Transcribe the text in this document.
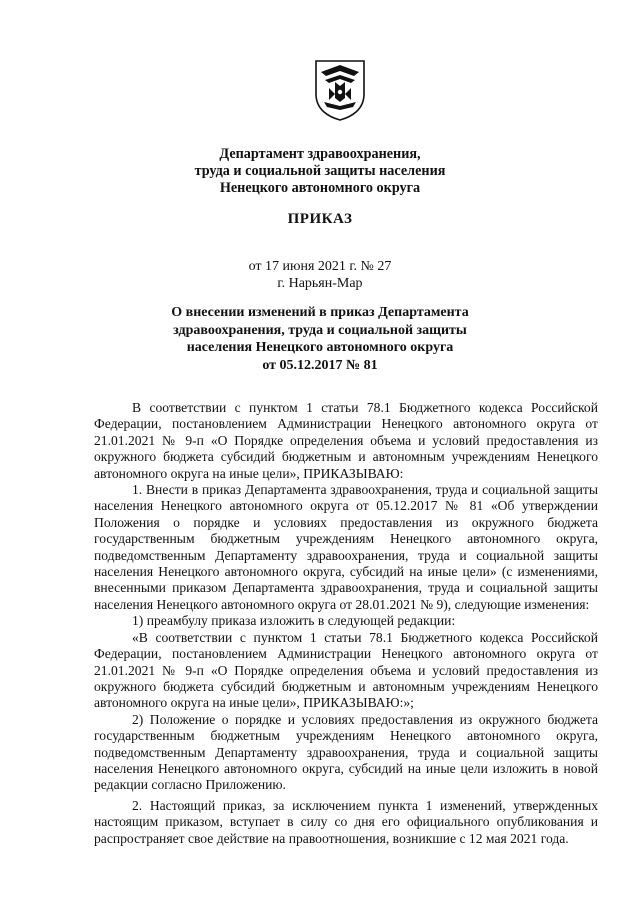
Департамент здравоохранения,
труда и социальной защиты населения
Ненецкого автономного округа
ПРИКАЗ
от 17 июня 2021 г. № 27
г. Нарьян-Мар
О внесении изменений в приказ Департамента
здравоохранения, труда и социальной защиты
населения Ненецкого автономного округа
от 05.12.2017 № 81

В соответствии с пунктом 1 статьи 78.1 Бюджетного кодекса Российской Федерации, постановлением Администрации Ненецкого автономного округа от 21.01.2021 № 9-п «О Порядке определения объема и условий предоставления из окружного бюджета субсидий бюджетным и автономным учреждениям Ненецкого автономного округа на иные цели», ПРИКАЗЫВАЮ:

1. Внести в приказ Департамента здравоохранения, труда и социальной защиты населения Ненецкого автономного округа от 05.12.2017 № 81 «Об утверждении Положения о порядке и условиях предоставления из окружного бюджета государственным бюджетным учреждениям Ненецкого автономного округа, подведомственным Департаменту здравоохранения, труда и социальной защиты населения Ненецкого автономного округа, субсидий на иные цели» (с изменениями, внесенными приказом Департамента здравоохранения, труда и социальной защиты населения Ненецкого автономного округа от 28.01.2021 № 9), следующие изменения:

1) преамбулу приказа изложить в следующей редакции:

«В соответствии с пунктом 1 статьи 78.1 Бюджетного кодекса Российской Федерации, постановлением Администрации Ненецкого автономного округа от 21.01.2021 № 9-п «О Порядке определения объема и условий предоставления из окружного бюджета субсидий бюджетным и автономным учреждениям Ненецкого автономного округа на иные цели», ПРИКАЗЫВАЮ:»;

2) Положение о порядке и условиях предоставления из окружного бюджета государственным бюджетным учреждениям Ненецкого автономного округа, подведомственным Департаменту здравоохранения, труда и социальной защиты населения Ненецкого автономного округа, субсидий на иные цели изложить в новой редакции согласно Приложению.

2. Настоящий приказ, за исключением пункта 1 изменений, утвержденных настоящим приказом, вступает в силу со дня его официального опубликования и распространяет свое действие на правоотношения, возникшие с 12 мая 2021 года.
